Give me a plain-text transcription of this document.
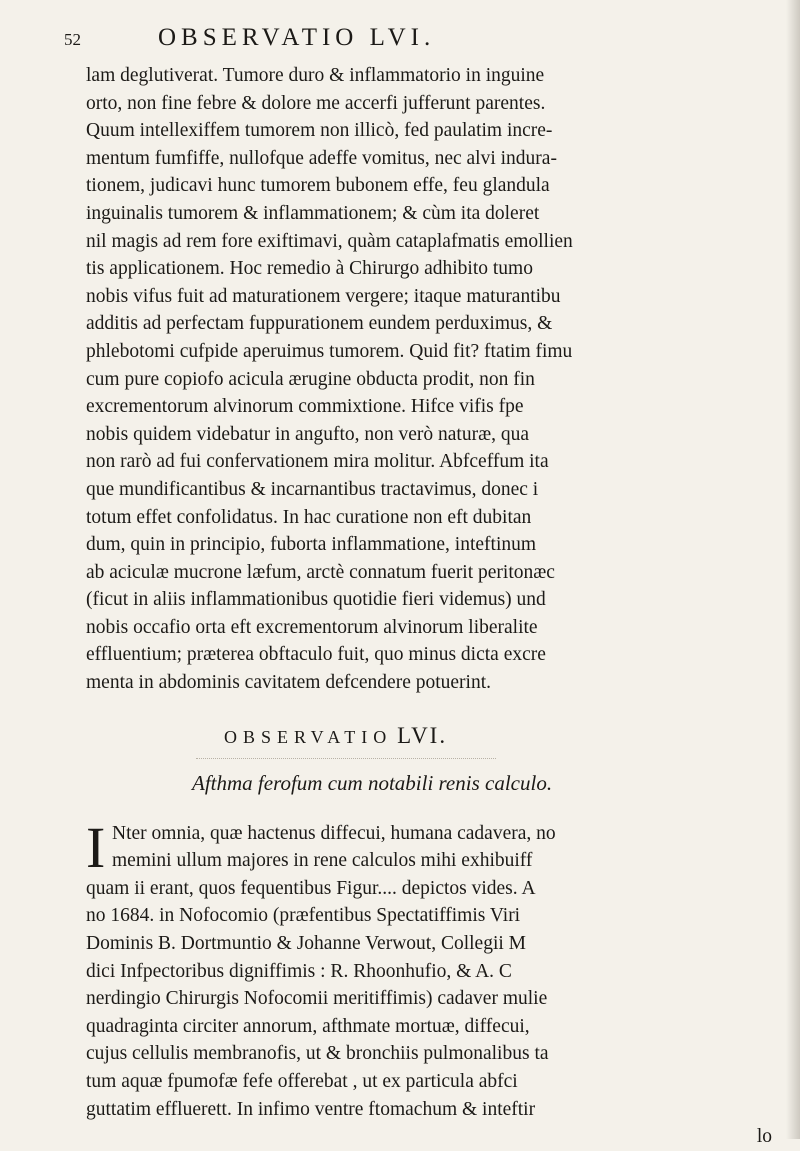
52	OBSERVATIO LVI.
lam deglutiverat. Tumore duro & inflammatorio in inguine
orto, non fine febre & dolore me accerfi jufferunt parentes.
Quum intellexiffem tumorem non illicò, fed paulatim incre-
mentum fumfiffe, nullofque adeffe vomitus, nec alvi indura-
tionem, judicavi hunc tumorem bubonem effe, feu glandula
inguinalis tumorem & inflammationem; & cùm ita doleret
nil magis ad rem fore exiftimavi, quàm cataplafmatis emollien
tis applicationem. Hoc remedio à Chirurgo adhibito tumo
nobis vifus fuit ad maturationem vergere; itaque maturantibu
additis ad perfectam fuppurationem eundem perduximus, &
phlebotomi cufpide aperuimus tumorem. Quid fit? ftatim fimu
cum pure copiofo acicula ærugine obducta prodit, non fin
excrementorum alvinorum commixtione. Hifce vifis fpe
nobis quidem videbatur in angufto, non verò naturæ, qua
non rarò ad fui confervationem mira molitur. Abfceffum ita
que mundificantibus & incarnantibus tractavimus, donec i
totum effet confolidatus. In hac curatione non eft dubitan
dum, quin in principio, fuborta inflammatione, inteftinum
ab aciculæ mucrone læfum, arctè connatum fuerit peritonæc
(ficut in aliis inflammationibus quotidie fieri videmus) und
nobis occafio orta eft excrementorum alvinorum liberalite
effluentium; præterea obftaculo fuit, quo minus dicta excre
menta in abdominis cavitatem defcendere potuerint.
OBSERVATIO LVI.
Afthma ferofum cum notabili renis calculo.
I Nter omnia, quæ hactenus diffecui, humana cadavera, no
memini ullum majores in rene calculos mihi exhibuiff
quam ii erant, quos fequentibus Figur.... depictos vides. A
no 1684. in Nofocomio (præfentibus Spectatiffimis Viri
Dominis B. Dortmuntio & Johanne Verwout, Collegii M
dici Infpectoribus digniffimis : R. Rhoonhufio, & A. C
nerdingio Chirurgis Nofocomii meritiffimis) cadaver mulie
quadraginta circiter annorum, afthmate mortuæ, diffecui,
cujus cellulis membranofis, ut & bronchiis pulmonalibus ta
tum aquæ fpumofæ fefe offerebat , ut ex particula abfci
guttatim effluerett. In infimo ventre ftomachum & inteftir
lo
